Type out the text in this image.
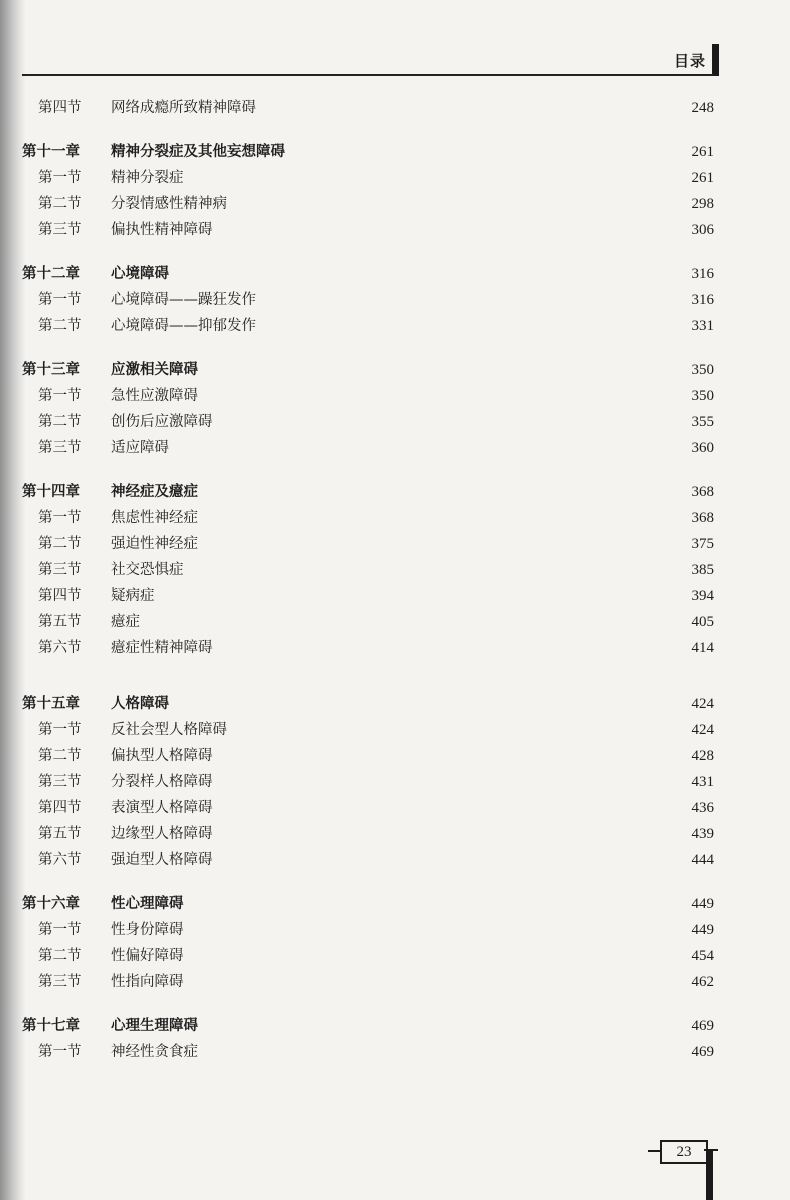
目录
第四节 网络成瘾所致精神障碍	248
第十一章 精神分裂症及其他妄想障碍	261
第一节 精神分裂症	261
第二节 分裂情感性精神病	298
第三节 偏执性精神障碍	306
第十二章 心境障碍	316
第一节 心境障碍——躁狂发作	316
第二节 心境障碍——抑郁发作	331
第十三章 应激相关障碍	350
第一节 急性应激障碍	350
第二节 创伤后应激障碍	355
第三节 适应障碍	360
第十四章 神经症及癔症	368
第一节 焦虑性神经症	368
第二节 强迫性神经症	375
第三节 社交恐惧症	385
第四节 疑病症	394
第五节 癔症	405
第六节 癔症性精神障碍	414
第十五章 人格障碍	424
第一节 反社会型人格障碍	424
第二节 偏执型人格障碍	428
第三节 分裂样人格障碍	431
第四节 表演型人格障碍	436
第五节 边缘型人格障碍	439
第六节 强迫型人格障碍	444
第十六章 性心理障碍	449
第一节 性身份障碍	449
第二节 性偏好障碍	454
第三节 性指向障碍	462
第十七章 心理生理障碍	469
第一节 神经性贪食症	469
23
